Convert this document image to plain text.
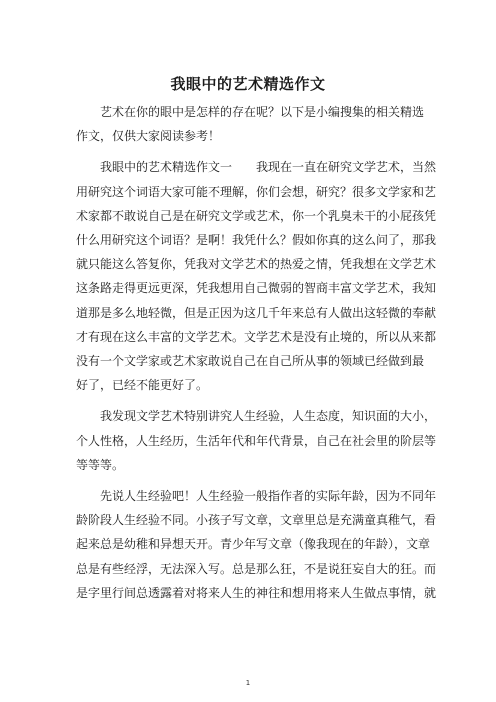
我眼中的艺术精选作文
艺术在你的眼中是怎样的存在呢？以下是小编搜集的相关精选
作文，仅供大家阅读参考！
我眼中的艺术精选作文一　　我现在一直在研究文学艺术，当然
用研究这个词语大家可能不理解，你们会想，研究？很多文学家和艺
术家都不敢说自己是在研究文学或艺术，你一个乳臭未干的小屁孩凭
什么用研究这个词语？是啊！我凭什么？假如你真的这么问了，那我
就只能这么答复你，凭我对文学艺术的热爱之情，凭我想在文学艺术
这条路走得更远更深，凭我想用自己微弱的智商丰富文学艺术，我知
道那是多么地轻微，但是正因为这几千年来总有人做出这轻微的奉献
才有现在这么丰富的文学艺术。文学艺术是没有止境的，所以从来都
没有一个文学家或艺术家敢说自己在自己所从事的领域已经做到最
好了，已经不能更好了。
我发现文学艺术特别讲究人生经验，人生态度，知识面的大小，
个人性格，人生经历，生活年代和年代背景，自己在社会里的阶层等
等等等。
先说人生经验吧！人生经验一般指作者的实际年龄，因为不同年
龄阶段人生经验不同。小孩子写文章，文章里总是充满童真稚气，看
起来总是幼稚和异想天开。青少年写文章（像我现在的年龄），文章
总是有些经浮，无法深入写。总是那么狂，不是说狂妄自大的狂。而
是字里行间总透露着对将来人生的神往和想用将来人生做点事情，就
1
